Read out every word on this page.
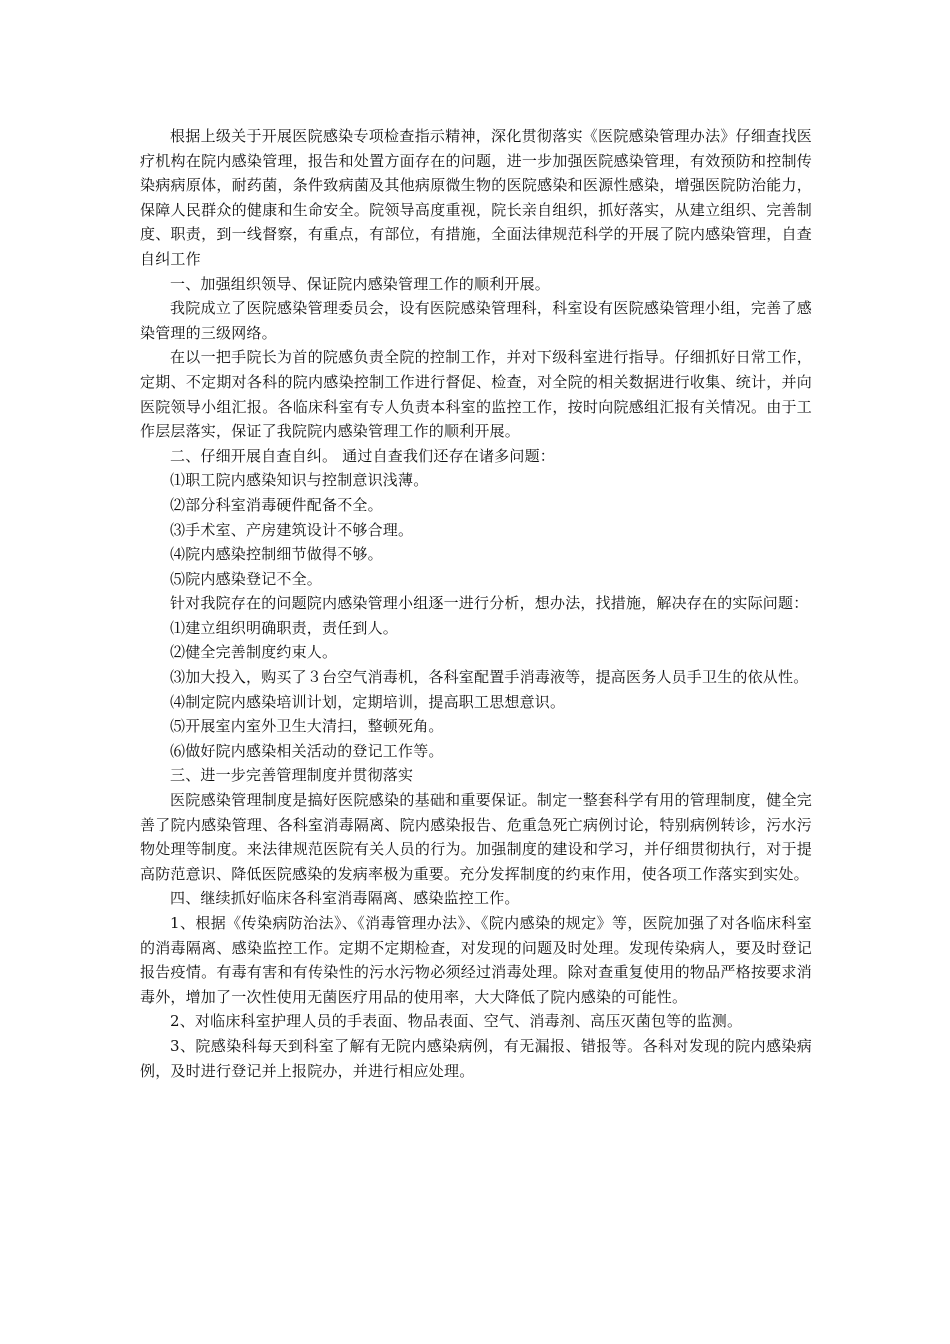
根据上级关于开展医院感染专项检查指示精神，深化贯彻落实《医院感染管理办法》仔细查找医疗机构在院内感染管理，报告和处置方面存在的问题，进一步加强医院感染管理，有效预防和控制传染病病原体，耐药菌，条件致病菌及其他病原微生物的医院感染和医源性感染，增强医院防治能力，保障人民群众的健康和生命安全。院领导高度重视，院长亲自组织，抓好落实，从建立组织、完善制度、职责，到一线督察，有重点，有部位，有措施，全面法律规范科学的开展了院内感染管理，自查自纠工作

一、加强组织领导、保证院内感染管理工作的顺利开展。

我院成立了医院感染管理委员会，设有医院感染管理科，科室设有医院感染管理小组，完善了感染管理的三级网络。

在以一把手院长为首的院感负责全院的控制工作，并对下级科室进行指导。仔细抓好日常工作，定期、不定期对各科的院内感染控制工作进行督促、检查，对全院的相关数据进行收集、统计，并向医院领导小组汇报。各临床科室有专人负责本科室的监控工作，按时向院感组汇报有关情况。由于工作层层落实，保证了我院院内感染管理工作的顺利开展。

二、仔细开展自查自纠。 通过自查我们还存在诸多问题：

⑴职工院内感染知识与控制意识浅薄。

⑵部分科室消毒硬件配备不全。

⑶手术室、产房建筑设计不够合理。

⑷院内感染控制细节做得不够。

⑸院内感染登记不全。

针对我院存在的问题院内感染管理小组逐一进行分析，想办法，找措施，解决存在的实际问题：

⑴建立组织明确职责，责任到人。

⑵健全完善制度约束人。

⑶加大投入，购买了３台空气消毒机，各科室配置手消毒液等，提高医务人员手卫生的依从性。

⑷制定院内感染培训计划，定期培训，提高职工思想意识。

⑸开展室内室外卫生大清扫，整顿死角。

⑹做好院内感染相关活动的登记工作等。

三、进一步完善管理制度并贯彻落实

医院感染管理制度是搞好医院感染的基础和重要保证。制定一整套科学有用的管理制度，健全完善了院内感染管理、各科室消毒隔离、院内感染报告、危重急死亡病例讨论，特别病例转诊，污水污物处理等制度。来法律规范医院有关人员的行为。加强制度的建设和学习，并仔细贯彻执行，对于提高防范意识、降低医院感染的发病率极为重要。充分发挥制度的约束作用，使各项工作落实到实处。

四、继续抓好临床各科室消毒隔离、感染监控工作。

1、根据《传染病防治法》、《消毒管理办法》、《院内感染的规定》等，医院加强了对各临床科室的消毒隔离、感染监控工作。定期不定期检查，对发现的问题及时处理。发现传染病人，要及时登记报告疫情。有毒有害和有传染性的污水污物必须经过消毒处理。除对查重复使用的物品严格按要求消毒外，增加了一次性使用无菌医疗用品的使用率，大大降低了院内感染的可能性。

2、对临床科室护理人员的手表面、物品表面、空气、消毒剂、高压灭菌包等的监测。

3、院感染科每天到科室了解有无院内感染病例，有无漏报、错报等。各科对发现的院内感染病例，及时进行登记并上报院办，并进行相应处理。
